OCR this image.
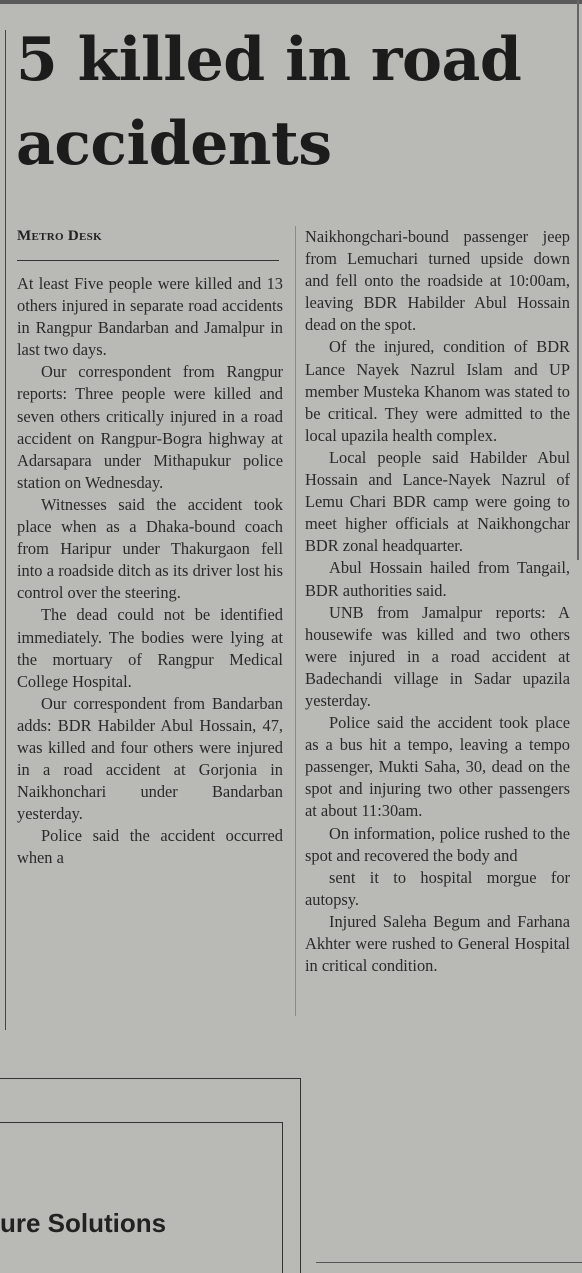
5 killed in road accidents
Metro Desk

At least Five people were killed and 13 others injured in separate road accidents in Rangpur Bandarban and Jamalpur in last two days.

Our correspondent from Rangpur reports: Three people were killed and seven others critically injured in a road accident on Rangpur-Bogra highway at Adarsapara under Mithapukur police station on Wednesday.

Witnesses said the accident took place when as a Dhaka-bound coach from Haripur under Thakurgaon fell into a roadside ditch as its driver lost his control over the steering.

The dead could not be identified immediately. The bodies were lying at the mortuary of Rangpur Medical College Hospital.

Our correspondent from Bandarban adds: BDR Habilder Abul Hossain, 47, was killed and four others were injured in a road accident at Gorjonia in Naikhonchari under Bandarban yesterday.

Police said the accident occurred when a

Naikhongchari-bound passenger jeep from Lemuchari turned upside down and fell onto the roadside at 10:00am, leaving BDR Habilder Abul Hossain dead on the spot.

Of the injured, condition of BDR Lance Nayek Nazrul Islam and UP member Musteka Khanom was stated to be critical. They were admitted to the local upazila health complex.

Local people said Habilder Abul Hossain and Lance-Nayek Nazrul of Lemu Chari BDR camp were going to meet higher officials at Naikhongchar BDR zonal headquarter.

Abul Hossain hailed from Tangail, BDR authorities said.

UNB from Jamalpur reports: A housewife was killed and two others were injured in a road accident at Badechandi village in Sadar upazila yesterday.

Police said the accident took place as a bus hit a tempo, leaving a tempo passenger, Mukti Saha, 30, dead on the spot and injuring two other passengers at about 11:30am.

On information, police rushed to the spot and recovered the body and

sent it to hospital morgue for autopsy.

Injured Saleha Begum and Farhana Akhter were rushed to General Hospital in critical condition.

ure Solutions
